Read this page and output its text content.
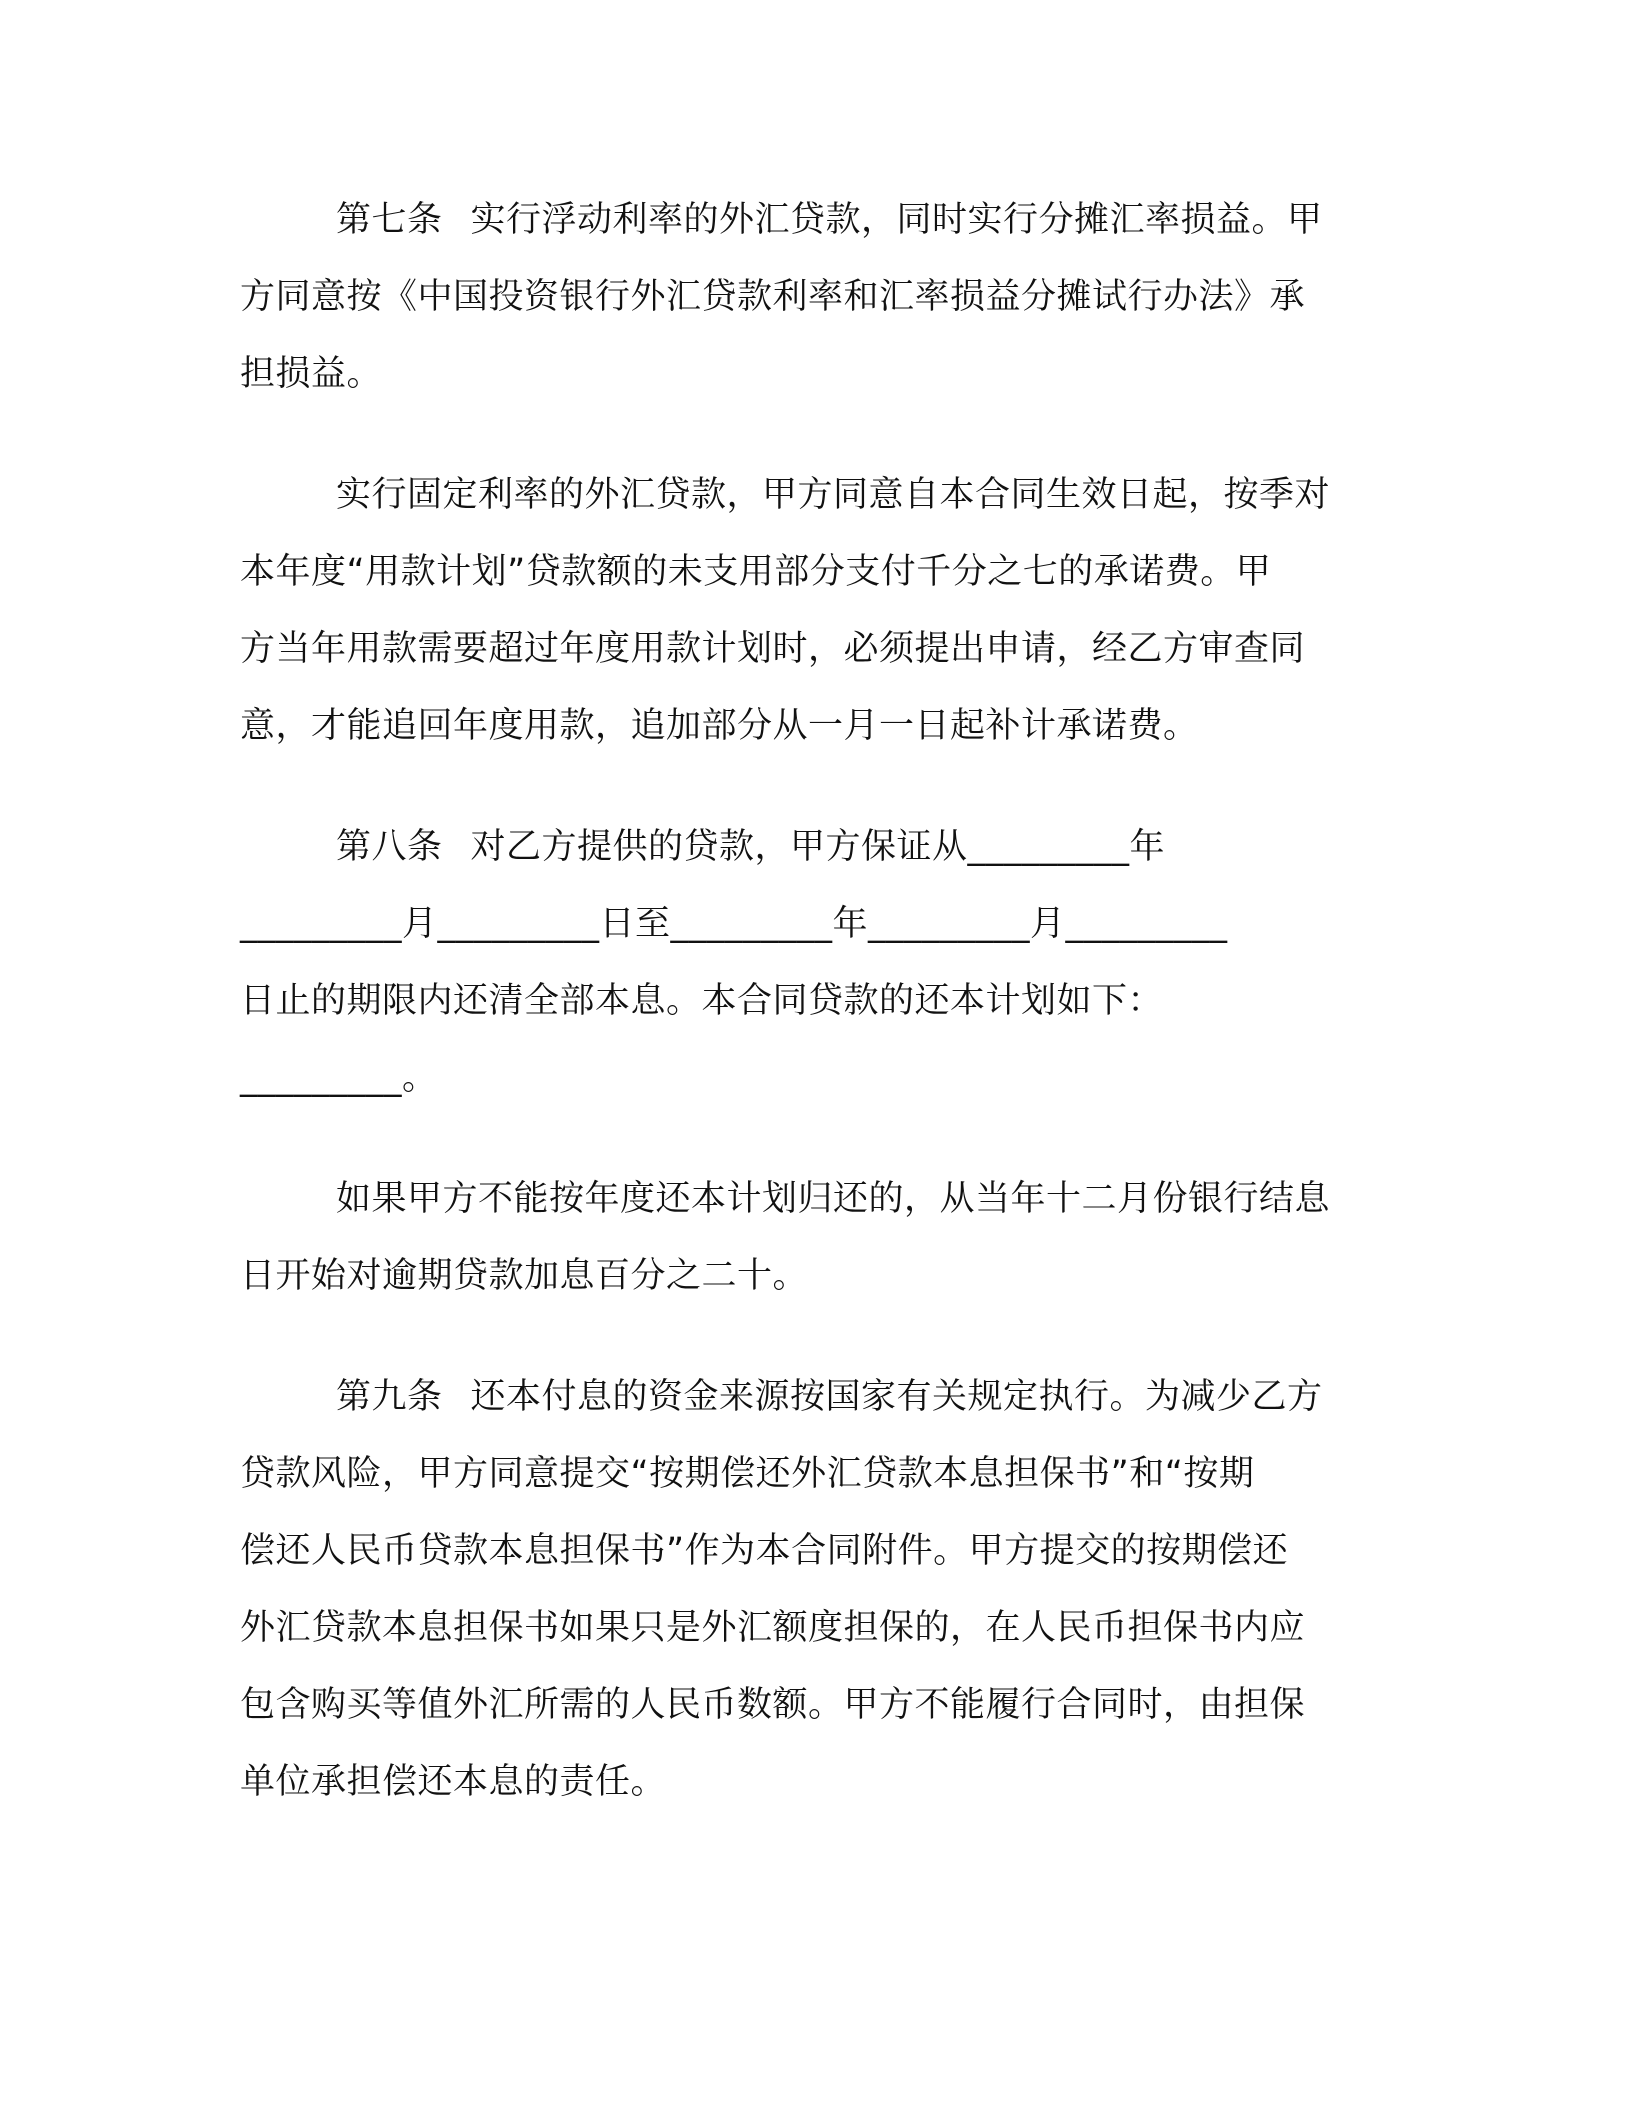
第七条 实行浮动利率的外汇贷款，同时实行分摊汇率损益。甲
方同意按《中国投资银行外汇贷款利率和汇率损益分摊试行办法》承
担损益。

实行固定利率的外汇贷款，甲方同意自本合同生效日起，按季对
本年度“用款计划”贷款额的未支用部分支付千分之七的承诺费。甲
方当年用款需要超过年度用款计划时，必须提出申请，经乙方审查同
意，才能追回年度用款，追加部分从一月一日起补计承诺费。

第八条 对乙方提供的贷款，甲方保证从_________年
_________月_________日至_________年_________月_________
日止的期限内还清全部本息。本合同贷款的还本计划如下：
_________。

如果甲方不能按年度还本计划归还的，从当年十二月份银行结息
日开始对逾期贷款加息百分之二十。

第九条 还本付息的资金来源按国家有关规定执行。为减少乙方
贷款风险，甲方同意提交“按期偿还外汇贷款本息担保书”和“按期
偿还人民币贷款本息担保书”作为本合同附件。甲方提交的按期偿还
外汇贷款本息担保书如果只是外汇额度担保的，在人民币担保书内应
包含购买等值外汇所需的人民币数额。甲方不能履行合同时，由担保
单位承担偿还本息的责任。
